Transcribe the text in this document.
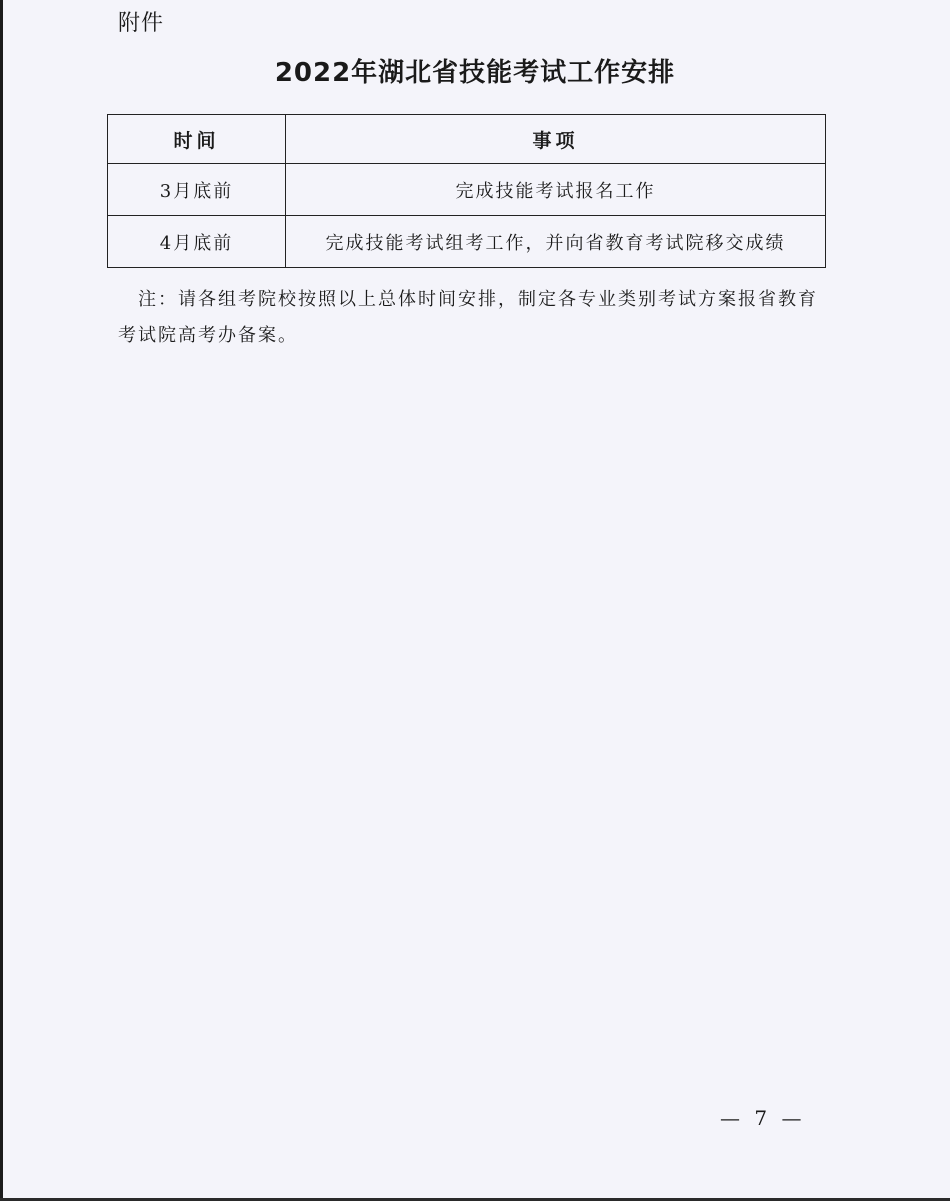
附件
2022年湖北省技能考试工作安排
时间	事项
3月底前	完成技能考试报名工作
4月底前	完成技能考试组考工作，并向省教育考试院移交成绩
注：请各组考院校按照以上总体时间安排，制定各专业类别考试方案报省教育考试院高考办备案。
— 7 —
